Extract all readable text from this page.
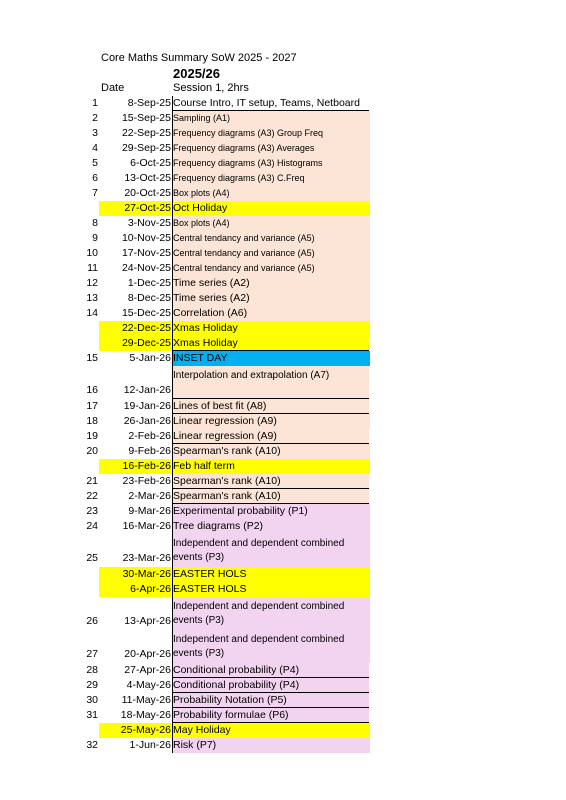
Core Maths Summary SoW 2025 - 2027
2025/26
Date	Session 1, 2hrs
1	8-Sep-25 Course Intro, IT setup, Teams, Netboard
2	15-Sep-25 Sampling (A1)
3	22-Sep-25 Frequency diagrams (A3) Group Freq
4	29-Sep-25 Frequency diagrams (A3) Averages
5	6-Oct-25 Frequency diagrams (A3) Histograms
6	13-Oct-25 Frequency diagrams (A3) C.Freq
7	20-Oct-25 Box plots (A4)
27-Oct-25 Oct Holiday
8	3-Nov-25 Box plots (A4)
9	10-Nov-25 Central tendancy and variance (A5)
10	17-Nov-25 Central tendancy and variance (A5)
11	24-Nov-25 Central tendancy and variance (A5)
12	1-Dec-25 Time series (A2)
13	8-Dec-25 Time series (A2)
14	15-Dec-25 Correlation (A6)
22-Dec-25 Xmas Holiday
29-Dec-25 Xmas Holiday
15	5-Jan-26 INSET DAY
16	12-Jan-26
Interpolation and extrapolation (A7)
17	19-Jan-26 Lines of best fit (A8)
18	26-Jan-26 Linear regression (A9)
19	2-Feb-26 Linear regression (A9)
20	9-Feb-26 Spearman's rank (A10)
16-Feb-26 Feb half term
21	23-Feb-26 Spearman's rank (A10)
22	2-Mar-26 Spearman's rank (A10)
23	9-Mar-26 Experimental probability (P1)
24	16-Mar-26 Tree diagrams (P2)
25	23-Mar-26
Independent and dependent combined events (P3)
30-Mar-26 EASTER HOLS
6-Apr-26 EASTER HOLS
26	13-Apr-26
Independent and dependent combined events (P3)
27	20-Apr-26
Independent and dependent combined events (P3)
28	27-Apr-26 Conditional probability (P4)
29	4-May-26 Conditional probability (P4)
30	11-May-26 Probability Notation (P5)
31	18-May-26 Probability formulae (P6)
25-May-26 May Holiday
32	1-Jun-26 Risk (P7)
